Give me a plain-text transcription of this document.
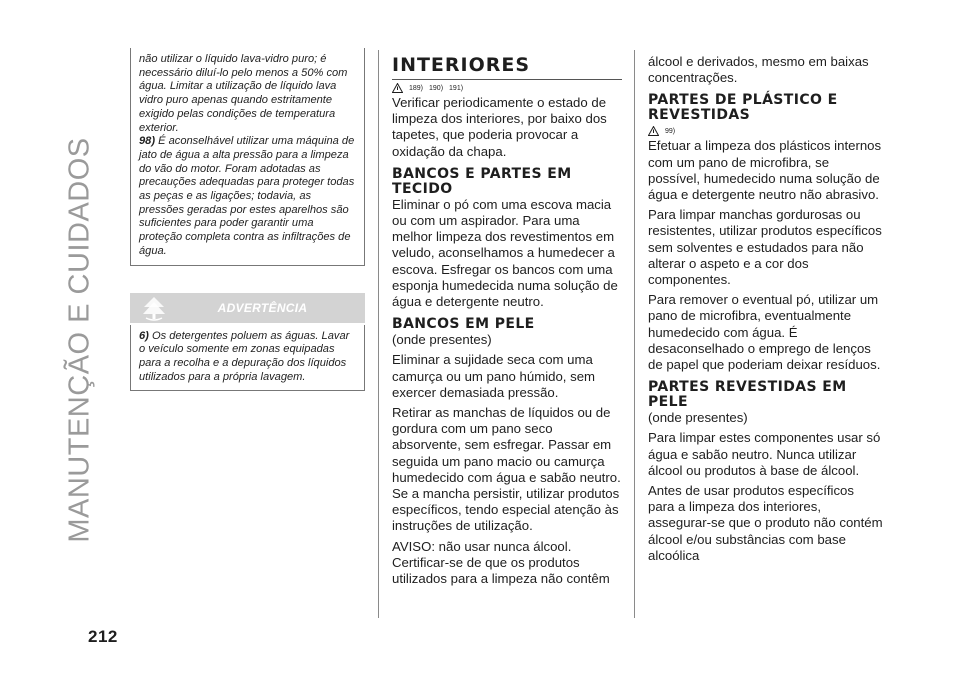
MANUTENÇÃO E CUIDADOS
212

não utilizar o líquido lava-vidro puro; é necessário diluí-lo pelo menos a 50% com água. Limitar a utilização de líquido lava vidro puro apenas quando estritamente exigido pelas condições de temperatura exterior.

98) É aconselhável utilizar uma máquina de jato de água a alta pressão para a limpeza do vão do motor. Foram adotadas as precauções adequadas para proteger todas as peças e as ligações; todavia, as pressões geradas por estes aparelhos são suficientes para poder garantir uma proteção completa contra as infiltrações de água.

ADVERTÊNCIA

6) Os detergentes poluem as águas. Lavar o veículo somente em zonas equipadas para a recolha e a depuração dos líquidos utilizados para a própria lavagem.

INTERIORES
189) 190) 191)

Verificar periodicamente o estado de limpeza dos interiores, por baixo dos tapetes, que poderia provocar a oxidação da chapa.

BANCOS E PARTES EM TECIDO

Eliminar o pó com uma escova macia ou com um aspirador. Para uma melhor limpeza dos revestimentos em veludo, aconselhamos a humedecer a escova. Esfregar os bancos com uma esponja humedecida numa solução de água e detergente neutro.

BANCOS EM PELE

(onde presentes)

Eliminar a sujidade seca com uma camurça ou um pano húmido, sem exercer demasiada pressão.

Retirar as manchas de líquidos ou de gordura com um pano seco absorvente, sem esfregar. Passar em seguida um pano macio ou camurça humedecido com água e sabão neutro. Se a mancha persistir, utilizar produtos específicos, tendo especial atenção às instruções de utilização.

AVISO: não usar nunca álcool. Certificar-se de que os produtos utilizados para a limpeza não contêm

álcool e derivados, mesmo em baixas concentrações.

PARTES DE PLÁSTICO E REVESTIDAS
99)

Efetuar a limpeza dos plásticos internos com um pano de microfibra, se possível, humedecido numa solução de água e detergente neutro não abrasivo.

Para limpar manchas gordurosas ou resistentes, utilizar produtos específicos sem solventes e estudados para não alterar o aspeto e a cor dos componentes.

Para remover o eventual pó, utilizar um pano de microfibra, eventualmente humedecido com água. É desaconselhado o emprego de lenços de papel que poderiam deixar resíduos.

PARTES REVESTIDAS EM PELE

(onde presentes)

Para limpar estes componentes usar só água e sabão neutro. Nunca utilizar álcool ou produtos à base de álcool.

Antes de usar produtos específicos para a limpeza dos interiores, assegurar-se que o produto não contém álcool e/ou substâncias com base alcoólica
